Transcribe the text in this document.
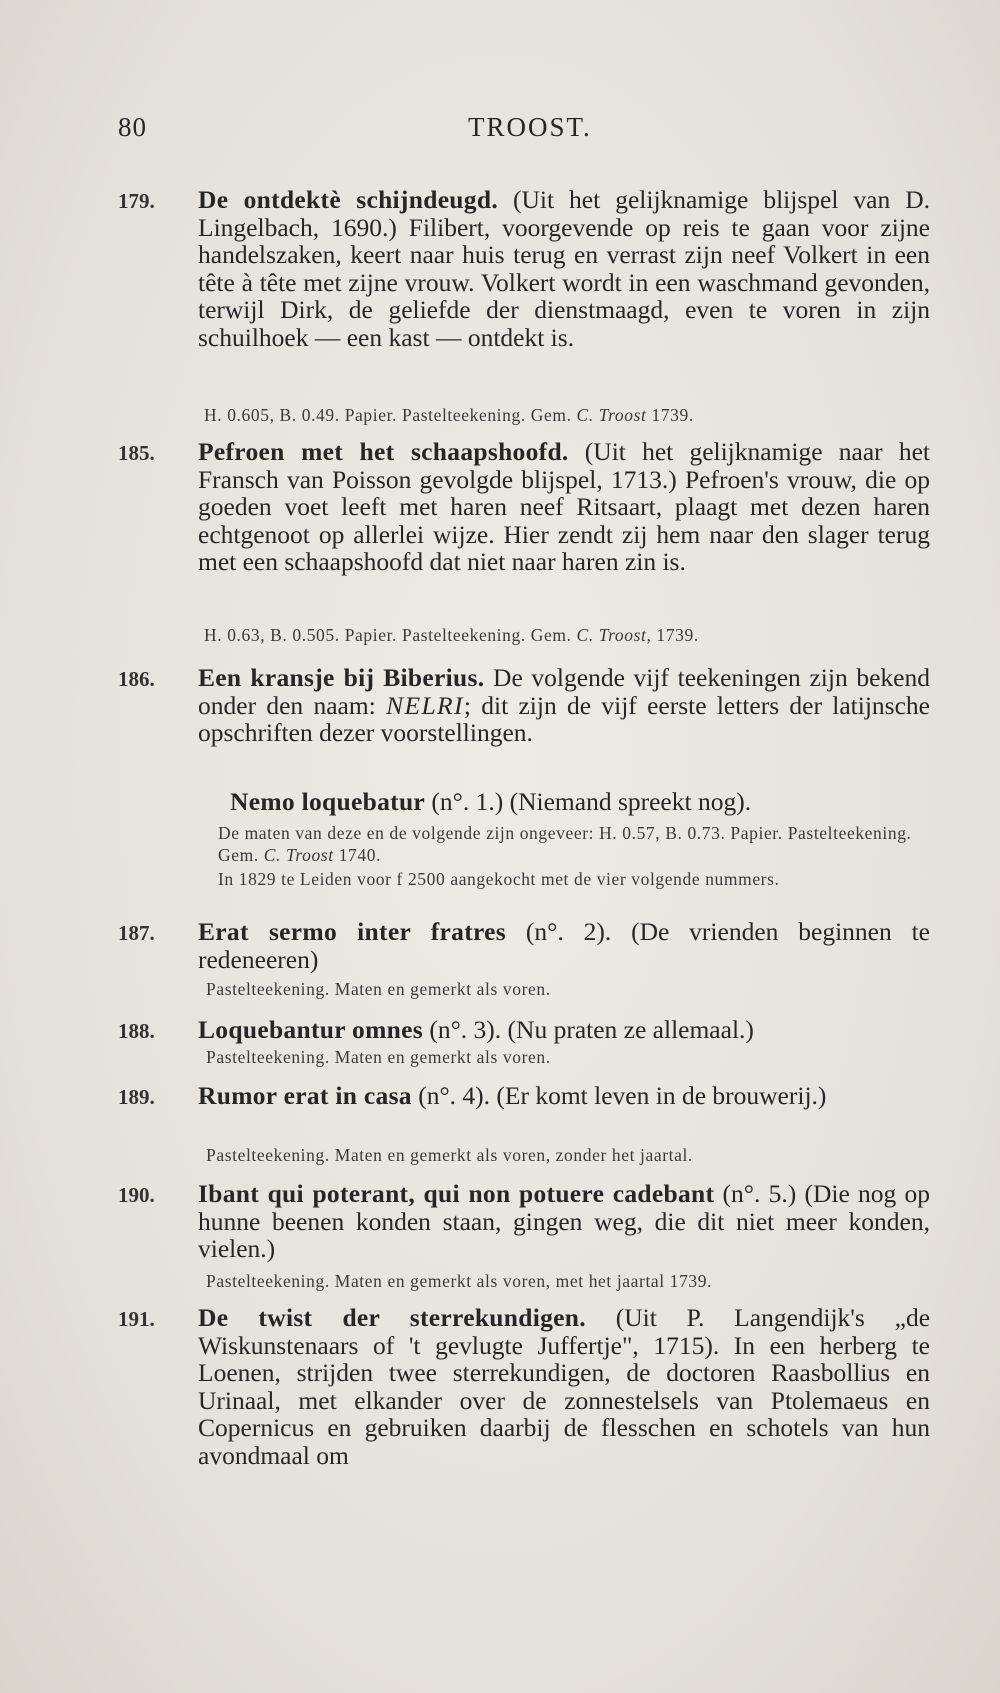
80	TROOST.
179. De ontdektè schijndeugd. (Uit het gelijknamige blijspel van D. Lingelbach, 1690.) Filibert, voorgevende op reis te gaan voor zijne handelszaken, keert naar huis terug en verrast zijn neef Volkert in een tête à tête met zijne vrouw. Volkert wordt in een waschmand gevonden, terwijl Dirk, de geliefde der dienstmaagd, even te voren in zijn schuilhoek — een kast — ontdekt is.
H. 0.605, B. 0.49. Papier. Pastelteekening. Gem. C. Troost 1739.
185. Pefroen met het schaapshoofd. (Uit het gelijknamige naar het Fransch van Poisson gevolgde blijspel, 1713.) Pefroen's vrouw, die op goeden voet leeft met haren neef Ritsaart, plaagt met dezen haren echtgenoot op allerlei wijze. Hier zendt zij hem naar den slager terug met een schaapshoofd dat niet naar haren zin is.
H. 0.63, B. 0.505. Papier. Pastelteekening. Gem. C. Troost, 1739.
186. Een kransje bij Biberius. De volgende vijf teekeningen zijn bekend onder den naam: NELRI; dit zijn de vijf eerste letters der latijnsche opschriften dezer voorstellingen.
Nemo loquebatur (n°. 1.) (Niemand spreekt nog).
De maten van deze en de volgende zijn ongeveer: H. 0.57, B. 0.73. Papier. Pastelteekening. Gem. C. Troost 1740.
In 1829 te Leiden voor f 2500 aangekocht met de vier volgende nummers.
187. Erat sermo inter fratres (n°. 2). (De vrienden beginnen te redeneeren)
Pastelteekening. Maten en gemerkt als voren.
188. Loquebantur omnes (n°. 3). (Nu praten ze allemaal.)
Pastelteekening. Maten en gemerkt als voren.
189. Rumor erat in casa (n°. 4). (Er komt leven in de brouwerij.)
Pastelteekening. Maten en gemerkt als voren, zonder het jaartal.
190. Ibant qui poterant, qui non potuere cadebant (n°. 5.) (Die nog op hunne beenen konden staan, gingen weg, die dit niet meer konden, vielen.)
Pastelteekening. Maten en gemerkt als voren, met het jaartal 1739.
191. De twist der sterrekundigen. (Uit P. Langendijk's „de Wiskunstenaars of 't gevlugte Juffertje", 1715). In een herberg te Loenen, strijden twee sterrekundigen, de doctoren Raasbollius en Urinaal, met elkander over de zonnestelsels van Ptolemaeus en Copernicus en gebruiken daarbij de flesschen en schotels van hun avondmaal om
